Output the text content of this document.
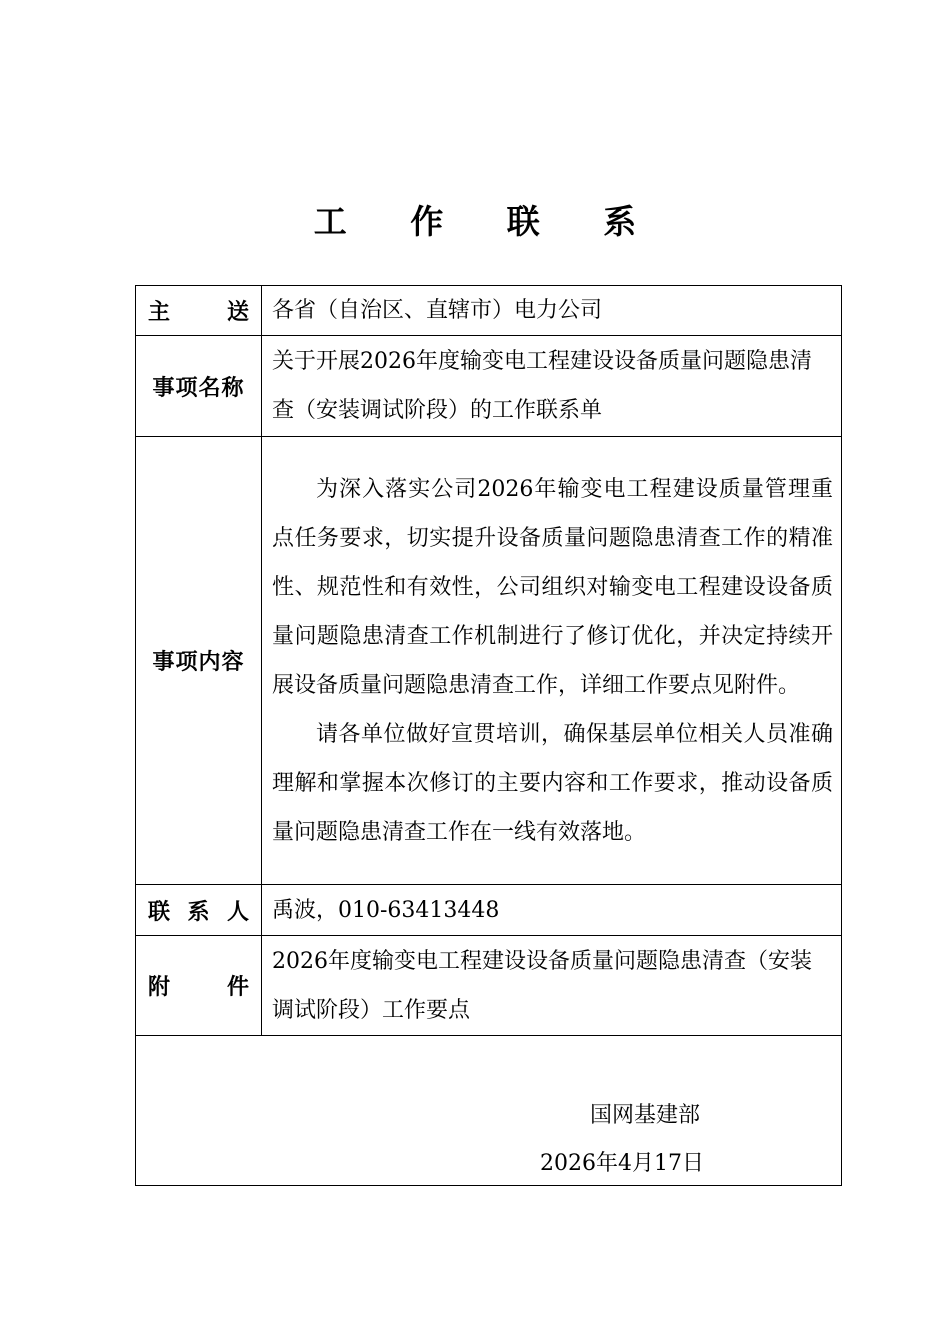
工 作 联 系
主 送	各省（自治区、直辖市）电力公司

事项名称	关于开展2026年度输变电工程建设设备质量问题隐患清查（安装调试阶段）的工作联系单

事项内容	为深入落实公司2026年输变电工程建设质量管理重点任务要求，切实提升设备质量问题隐患清查工作的精准性、规范性和有效性，公司组织对输变电工程建设设备质量问题隐患清查工作机制进行了修订优化，并决定持续开展设备质量问题隐患清查工作，详细工作要点见附件。
请各单位做好宣贯培训，确保基层单位相关人员准确理解和掌握本次修订的主要内容和工作要求，推动设备质量问题隐患清查工作在一线有效落地。

联 系 人	禹波，010-63413448

附 件	2026年度输变电工程建设设备质量问题隐患清查（安装调试阶段）工作要点

国网基建部
2026年4月17日	
